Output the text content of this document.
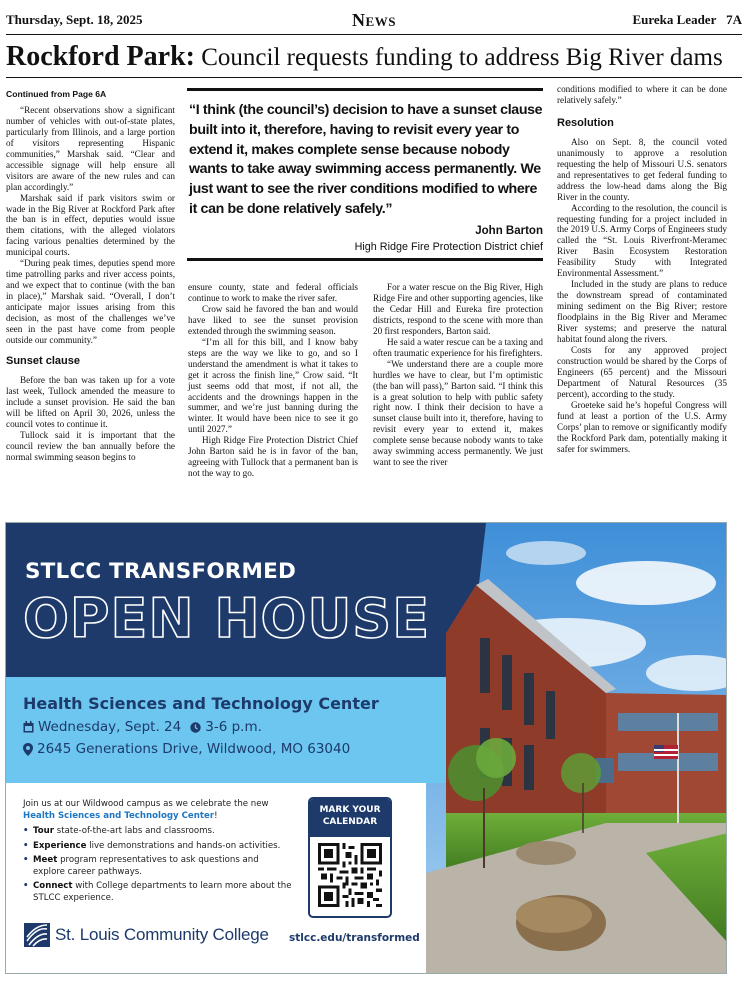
Thursday, Sept. 18, 2025	News	Eureka Leader 7A
Rockford Park: Council requests funding to address Big River dams

Continued from Page 6A

“Recent observations show a significant number of vehicles with out-of-state plates, particularly from Illinois, and a large portion of visitors representing Hispanic communities,” Marshak said. “Clear and accessible signage will help ensure all visitors are aware of the new rules and can plan accordingly.”

Marshak said if park visitors swim or wade in the Big River at Rockford Park after the ban is in effect, deputies would issue them citations, with the alleged violators facing various penalties determined by the municipal courts.

“During peak times, deputies spend more time patrolling parks and river access points, and we expect that to continue (with the ban in place),” Marshak said. “Overall, I don’t anticipate major issues arising from this decision, as most of the challenges we’ve seen in the past have come from people outside our community.”

Sunset clause

Before the ban was taken up for a vote last week, Tullock amended the measure to include a sunset provision. He said the ban will be lifted on April 30, 2026, unless the council votes to continue it.

Tullock said it is important that the council review the ban annually before the normal swimming season begins to

“I think (the council’s) decision to have a sunset clause built into it, therefore, having to revisit every year to extend it, makes complete sense because nobody wants to take away swimming access permanently. We just want to see the river conditions modified to where it can be done relatively safely.”
John Barton
High Ridge Fire Protection District chief

ensure county, state and federal officials continue to work to make the river safer.

Crow said he favored the ban and would have liked to see the sunset provision extended through the swimming season.

“I’m all for this bill, and I know baby steps are the way we like to go, and so I understand the amendment is what it takes to get it across the finish line,” Crow said. “It just seems odd that most, if not all, the accidents and the drownings happen in the summer, and we’re just banning during the winter. It would have been nice to see it go until 2027.”

High Ridge Fire Protection District Chief John Barton said he is in favor of the ban, agreeing with Tullock that a permanent ban is not the way to go.

For a water rescue on the Big River, High Ridge Fire and other supporting agencies, like the Cedar Hill and Eureka fire protection districts, respond to the scene with more than 20 first responders, Barton said.

He said a water rescue can be a taxing and often traumatic experience for his firefighters.

“We understand there are a couple more hurdles we have to clear, but I’m optimistic (the ban will pass),” Barton said. “I think this is a great solution to help with public safety right now. I think their decision to have a sunset clause built into it, therefore, having to revisit every year to extend it, makes complete sense because nobody wants to take away swimming access permanently. We just want to see the river

conditions modified to where it can be done relatively safely.”

Resolution

Also on Sept. 8, the council voted unanimously to approve a resolution requesting the help of Missouri U.S. senators and representatives to get federal funding to address the low-head dams along the Big River in the county.

According to the resolution, the council is requesting funding for a project included in the 2019 U.S. Army Corps of Engineers study called the “St. Louis Riverfront-Meramec River Basin Ecosystem Restoration Feasibility Study with Integrated Environmental Assessment.”

Included in the study are plans to reduce the downstream spread of contaminated mining sediment on the Big River; restore floodplains in the Big River and Meramec River systems; and preserve the natural habitat found along the rivers.

Costs for any approved project construction would be shared by the Corps of Engineers (65 percent) and the Missouri Department of Natural Resources (35 percent), according to the study.

Groeteke said he’s hopeful Congress will fund at least a portion of the U.S. Army Corps’ plan to remove or significantly modify the Rockford Park dam, potentially making it safer for swimmers.

STLCC TRANSFORMED
OPEN HOUSE
Health Sciences and Technology Center
Wednesday, Sept. 24 3-6 p.m.
2645 Generations Drive, Wildwood, MO 63040
Join us at our Wildwood campus as we celebrate the new Health Sciences and Technology Center!
• Tour state-of-the-art labs and classrooms.
• Experience live demonstrations and hands-on activities.
• Meet program representatives to ask questions and explore career pathways.
• Connect with College departments to learn more about the STLCC experience.
MARK YOUR CALENDAR
St. Louis Community College stlcc.edu/transformed
